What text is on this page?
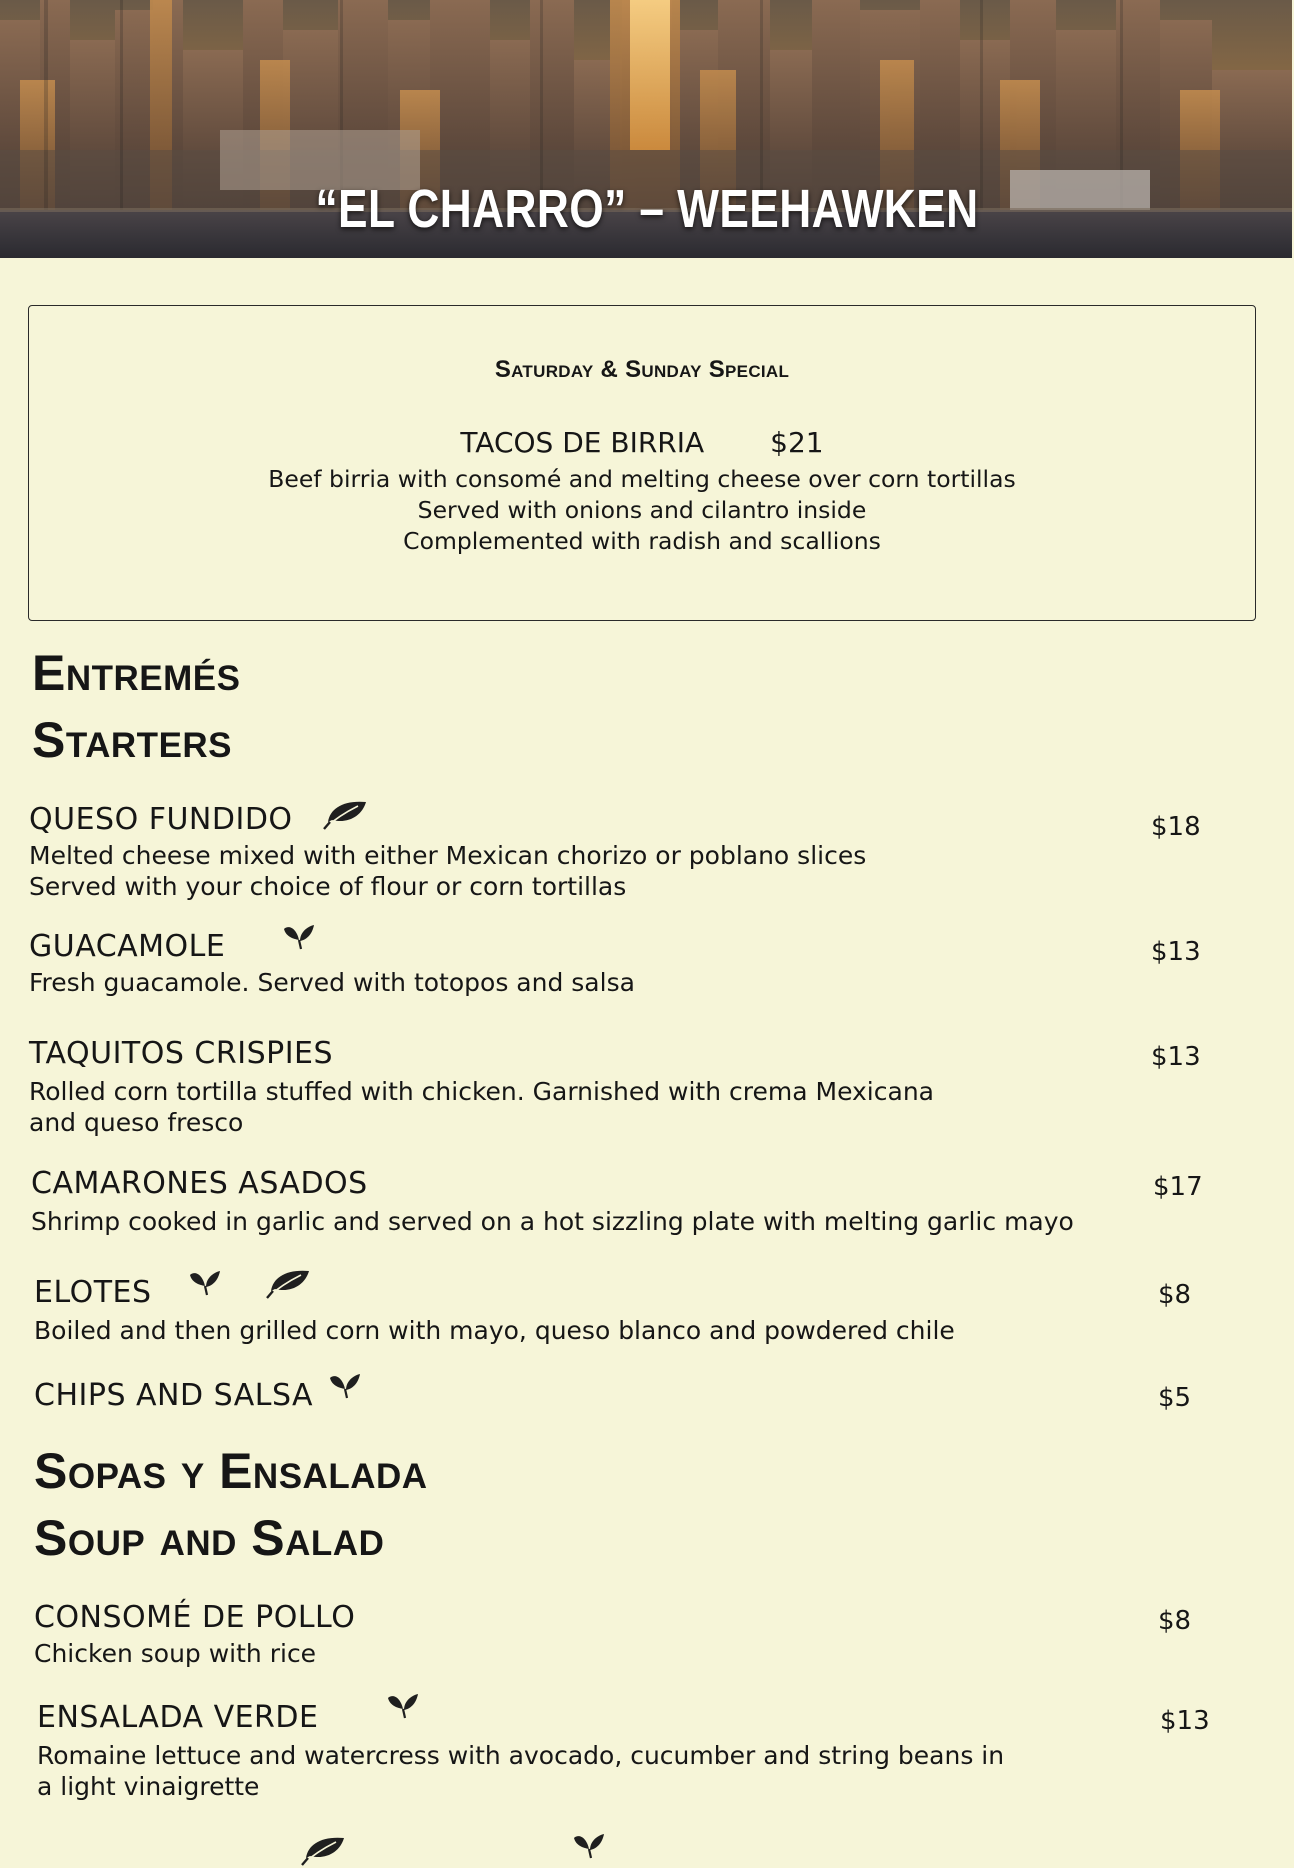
“EL CHARRO” – WEEHAWKEN
Saturday & Sunday Special
TACOS DE BIRRIA $21
Beef birria with consomé and melting cheese over corn tortillas
Served with onions and cilantro inside
Complemented with radish and scallions
Entremés
Starters
QUESO FUNDIDO	$18
Melted cheese mixed with either Mexican chorizo or poblano slices
Served with your choice of flour or corn tortillas
GUACAMOLE	$13
Fresh guacamole. Served with totopos and salsa
TAQUITOS CRISPIES	$13
Rolled corn tortilla stuffed with chicken. Garnished with crema Mexicana
and queso fresco
CAMARONES ASADOS	$17
Shrimp cooked in garlic and served on a hot sizzling plate with melting garlic mayo
ELOTES	$8
Boiled and then grilled corn with mayo, queso blanco and powdered chile
CHIPS AND SALSA	$5
Sopas y Ensalada
Soup and Salad
CONSOMÉ DE POLLO	$8
Chicken soup with rice
ENSALADA VERDE	$13
Romaine lettuce and watercress with avocado, cucumber and string beans in
a light vinaigrette
